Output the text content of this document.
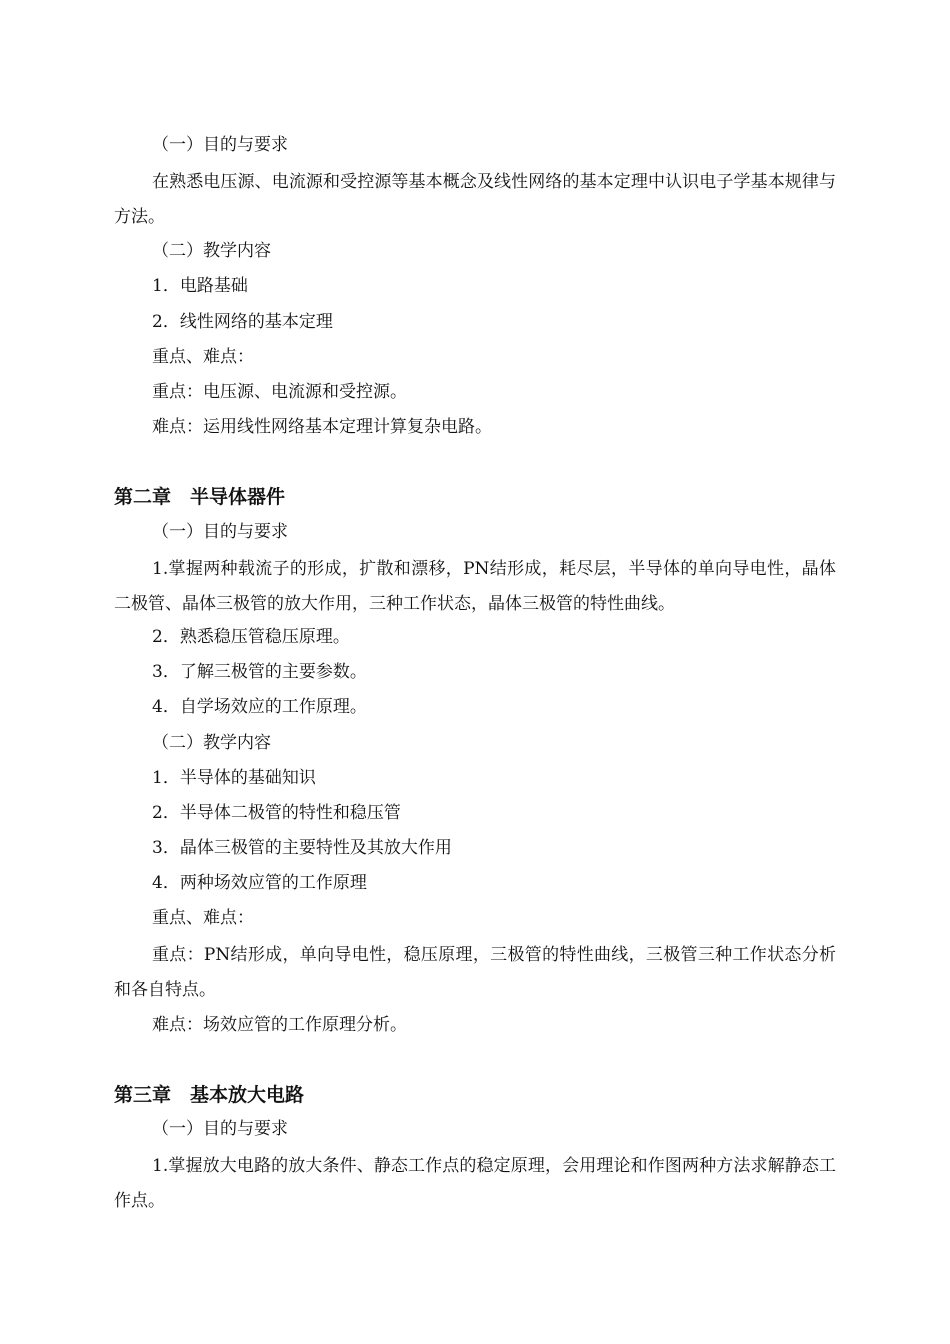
（一）目的与要求
在熟悉电压源、电流源和受控源等基本概念及线性网络的基本定理中认识电子学基本规律与方法。
（二）教学内容
1．电路基础
2．线性网络的基本定理
重点、难点：
重点：电压源、电流源和受控源。
难点：运用线性网络基本定理计算复杂电路。
第二章　半导体器件
（一）目的与要求
1.掌握两种载流子的形成，扩散和漂移，PN结形成，耗尽层，半导体的单向导电性，晶体二极管、晶体三极管的放大作用，三种工作状态，晶体三极管的特性曲线。
2．熟悉稳压管稳压原理。
3．了解三极管的主要参数。
4．自学场效应的工作原理。
（二）教学内容
1．半导体的基础知识
2．半导体二极管的特性和稳压管
3．晶体三极管的主要特性及其放大作用
4．两种场效应管的工作原理
重点、难点：
重点：PN结形成，单向导电性，稳压原理，三极管的特性曲线，三极管三种工作状态分析和各自特点。
难点：场效应管的工作原理分析。
第三章　基本放大电路
（一）目的与要求
1.掌握放大电路的放大条件、静态工作点的稳定原理，会用理论和作图两种方法求解静态工作点。
